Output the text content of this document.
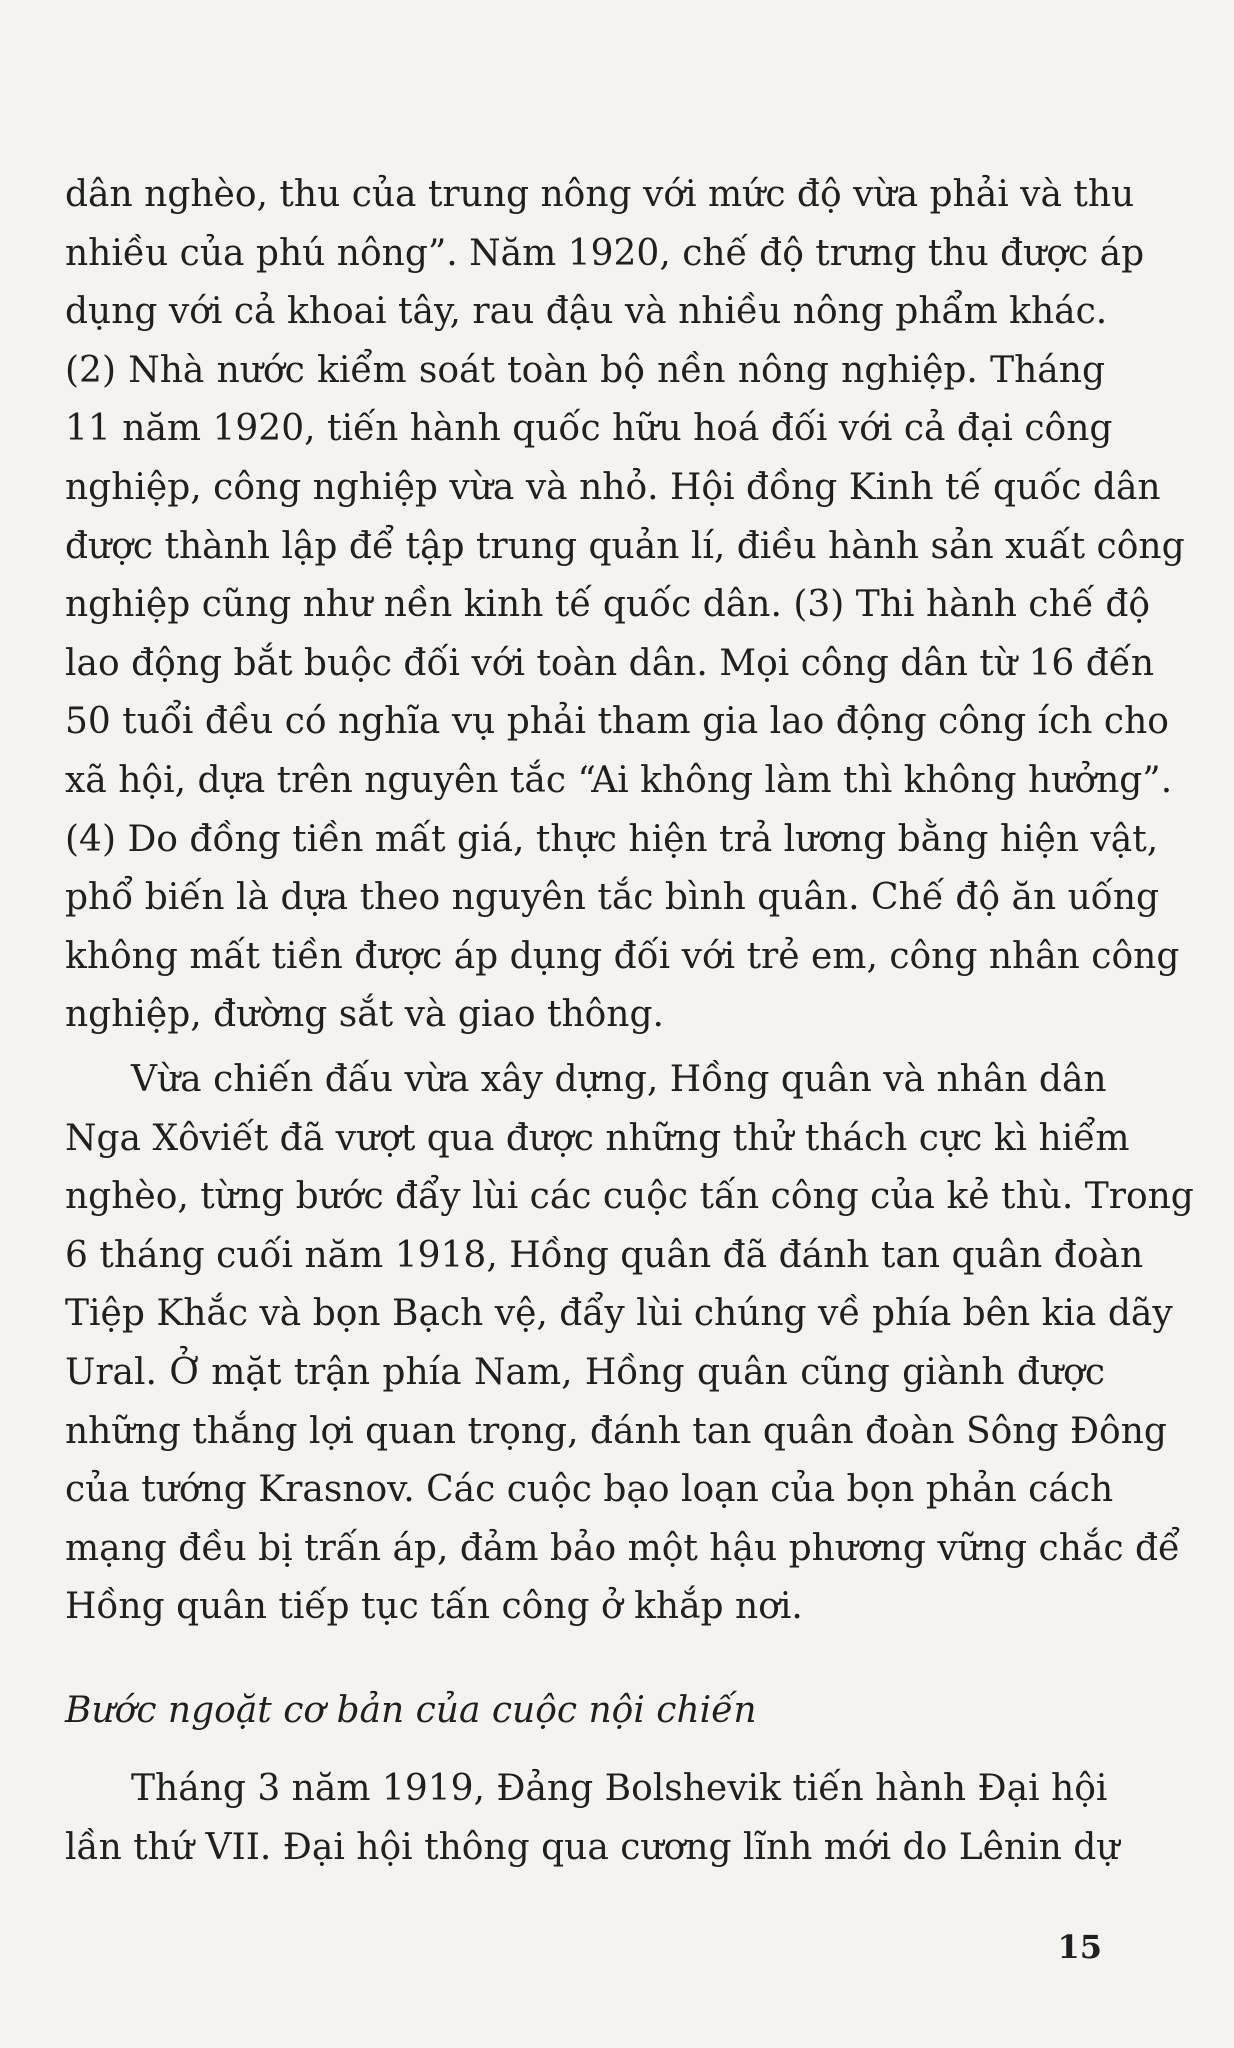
dân nghèo, thu của trung nông với mức độ vừa phải và thu
nhiều của phú nông”. Năm 1920, chế độ trưng thu được áp
dụng với cả khoai tây, rau đậu và nhiều nông phẩm khác.
(2) Nhà nước kiểm soát toàn bộ nền nông nghiệp. Tháng
11 năm 1920, tiến hành quốc hữu hoá đối với cả đại công
nghiệp, công nghiệp vừa và nhỏ. Hội đồng Kinh tế quốc dân
được thành lập để tập trung quản lí, điều hành sản xuất công
nghiệp cũng như nền kinh tế quốc dân. (3) Thi hành chế độ
lao động bắt buộc đối với toàn dân. Mọi công dân từ 16 đến
50 tuổi đều có nghĩa vụ phải tham gia lao động công ích cho
xã hội, dựa trên nguyên tắc “Ai không làm thì không hưởng”.
(4) Do đồng tiền mất giá, thực hiện trả lương bằng hiện vật,
phổ biến là dựa theo nguyên tắc bình quân. Chế độ ăn uống
không mất tiền được áp dụng đối với trẻ em, công nhân công
nghiệp, đường sắt và giao thông.
Vừa chiến đấu vừa xây dựng, Hồng quân và nhân dân
Nga Xôviết đã vượt qua được những thử thách cực kì hiểm
nghèo, từng bước đẩy lùi các cuộc tấn công của kẻ thù. Trong
6 tháng cuối năm 1918, Hồng quân đã đánh tan quân đoàn
Tiệp Khắc và bọn Bạch vệ, đẩy lùi chúng về phía bên kia dãy
Ural. Ở mặt trận phía Nam, Hồng quân cũng giành được
những thắng lợi quan trọng, đánh tan quân đoàn Sông Đông
của tướng Krasnov. Các cuộc bạo loạn của bọn phản cách
mạng đều bị trấn áp, đảm bảo một hậu phương vững chắc để
Hồng quân tiếp tục tấn công ở khắp nơi.
Bước ngoặt cơ bản của cuộc nội chiến
Tháng 3 năm 1919, Đảng Bolshevik tiến hành Đại hội
lần thứ VII. Đại hội thông qua cương lĩnh mới do Lênin dự
15
